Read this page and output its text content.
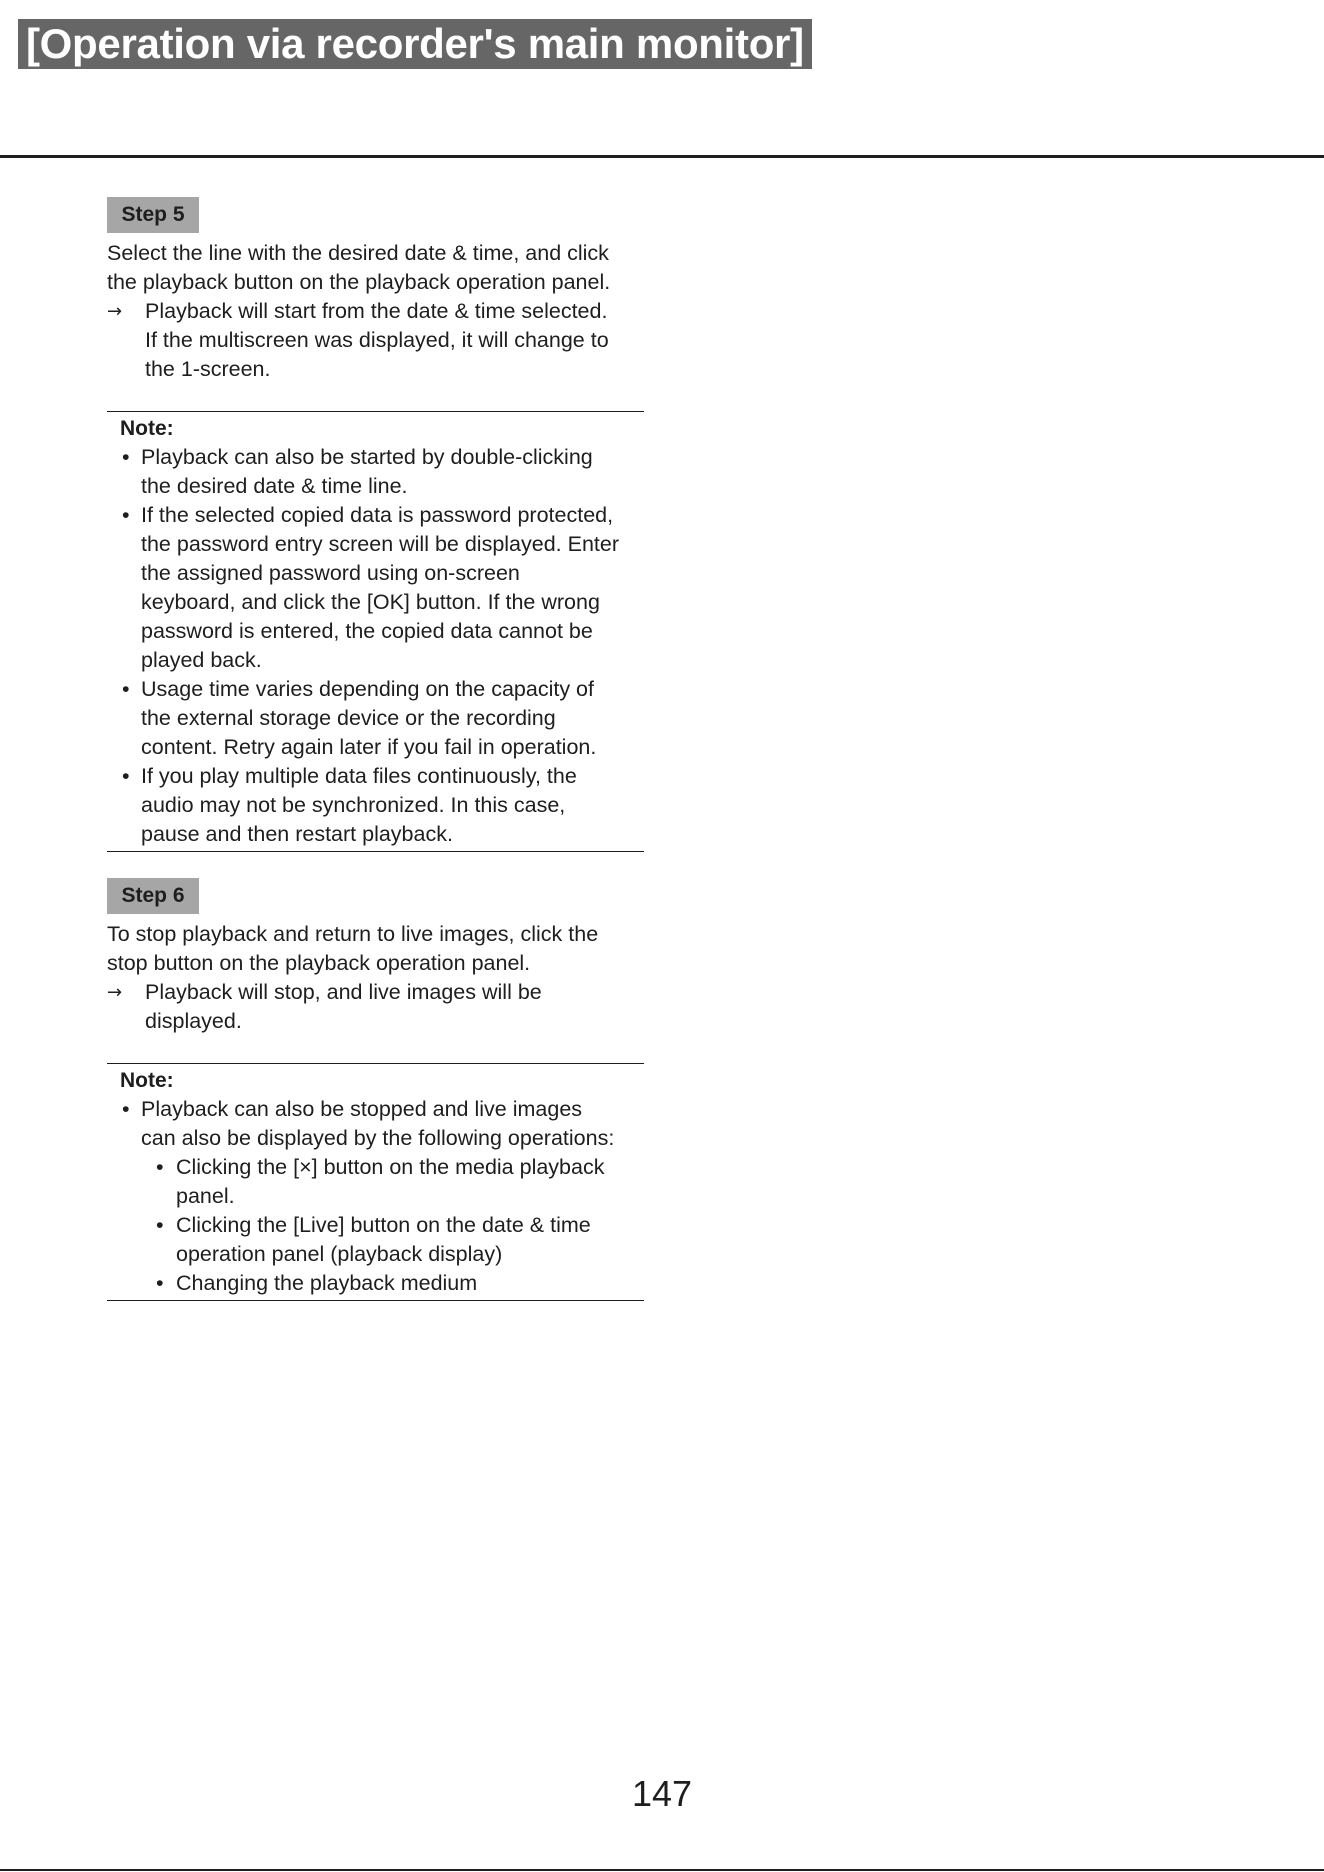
[Operation via recorder's main monitor]
Step 5

Select the line with the desired date & time, and click
the playback button on the playback operation panel.

→	Playback will start from the date & time selected.
If the multiscreen was displayed, it will change to
the 1-screen.
Note:
• Playback can also be started by double-clicking
the desired date & time line.
• If the selected copied data is password protected,
the password entry screen will be displayed. Enter
the assigned password using on-screen
keyboard, and click the [OK] button. If the wrong
password is entered, the copied data cannot be
played back.
• Usage time varies depending on the capacity of
the external storage device or the recording
content. Retry again later if you fail in operation.
• If you play multiple data files continuously, the
audio may not be synchronized. In this case,
pause and then restart playback.
Step 6

To stop playback and return to live images, click the
stop button on the playback operation panel.

→	Playback will stop, and live images will be
displayed.
Note:
• Playback can also be stopped and live images
can also be displayed by the following operations:
• Clicking the [×] button on the media playback
panel.
• Clicking the [Live] button on the date & time
operation panel (playback display)
• Changing the playback medium
147
